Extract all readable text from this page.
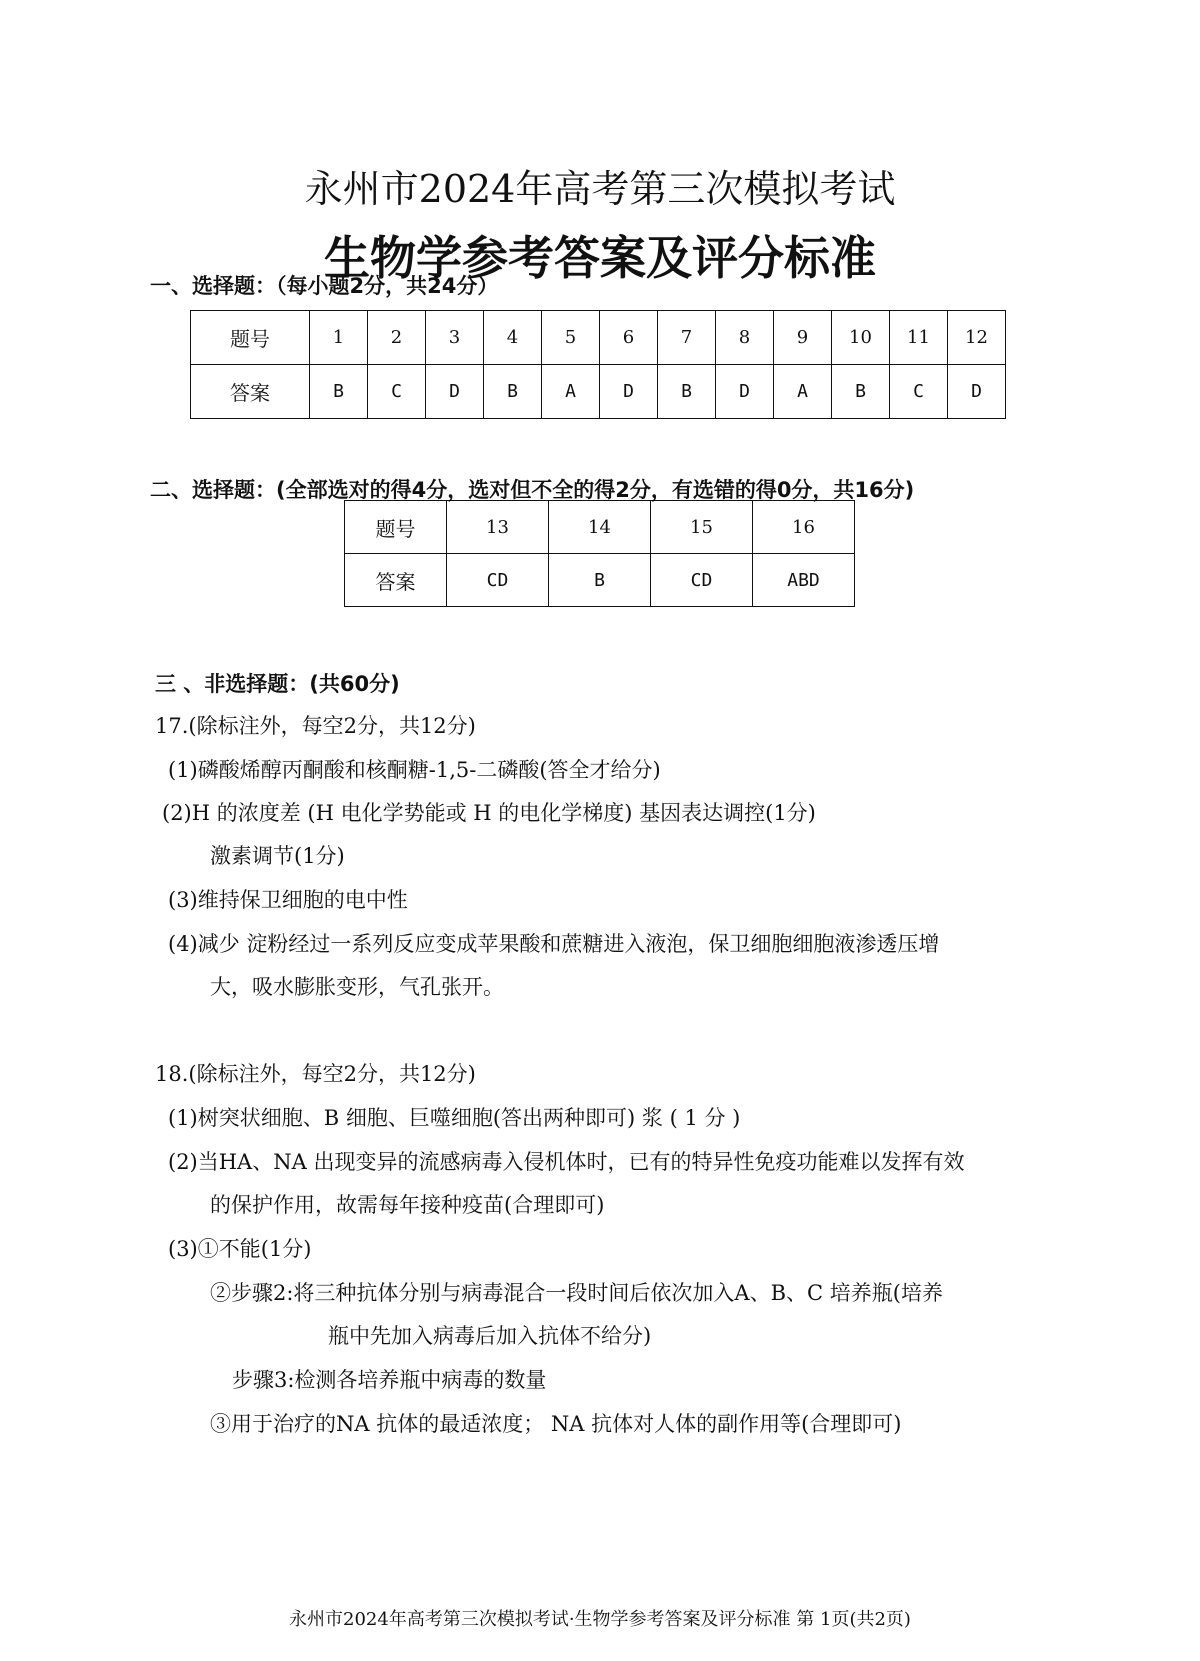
永州市2024年高考第三次模拟考试
生物学参考答案及评分标准
一、选择题：（每小题2分，共24分）
题号	1	2	3	4	5	6	7	8	9	10	11	12
答案	B	C	D	B	A	D	B	D	A	B	C	D
二、选择题：(全部选对的得4分，选对但不全的得2分，有选错的得0分，共16分)
题号	13	14	15	16
答案	CD	B	CD	ABD
三 、非选择题：(共60分)
17.(除标注外，每空2分，共12分)
(1)磷酸烯醇丙酮酸和核酮糖-1,5-二磷酸(答全才给分)
(2)H 的浓度差 (H 电化学势能或 H 的电化学梯度) 基因表达调控(1分)
激素调节(1分)
(3)维持保卫细胞的电中性
(4)减少 淀粉经过一系列反应变成苹果酸和蔗糖进入液泡，保卫细胞细胞液渗透压增
大，吸水膨胀变形，气孔张开。
18.(除标注外，每空2分，共12分)
(1)树突状细胞、B 细胞、巨噬细胞(答出两种即可) 浆 ( 1 分 )
(2)当HA、NA 出现变异的流感病毒入侵机体时，已有的特异性免疫功能难以发挥有效
的保护作用，故需每年接种疫苗(合理即可)
(3)①不能(1分)
②步骤2:将三种抗体分别与病毒混合一段时间后依次加入A、B、C 培养瓶(培养
瓶中先加入病毒后加入抗体不给分)
步骤3:检测各培养瓶中病毒的数量
③用于治疗的NA 抗体的最适浓度； NA 抗体对人体的副作用等(合理即可)
永州市2024年高考第三次模拟考试·生物学参考答案及评分标准 第 1页(共2页)
